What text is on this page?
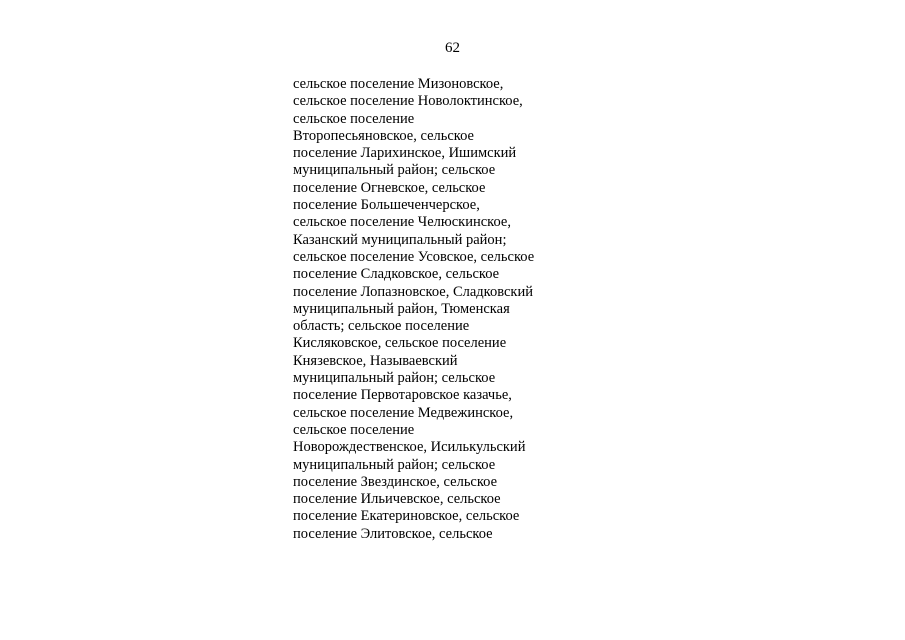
62
сельское поселение Мизоновское,
сельское поселение Новолоктинское,
сельское поселение
Второпесьяновское, сельское
поселение Ларихинское, Ишимский
муниципальный район; сельское
поселение Огневское, сельское
поселение Большеченчерское,
сельское поселение Челюскинское,
Казанский муниципальный район;
сельское поселение Усовское, сельское
поселение Сладковское, сельское
поселение Лопазновское, Сладковский
муниципальный район, Тюменская
область; сельское поселение
Кисляковское, сельское поселение
Князевское, Называевский
муниципальный район; сельское
поселение Первотаровское казачье,
сельское поселение Медвежинское,
сельское поселение
Новорождественское, Исилькульский
муниципальный район; сельское
поселение Звездинское, сельское
поселение Ильичевское, сельское
поселение Екатериновское, сельское
поселение Элитовское, сельское
